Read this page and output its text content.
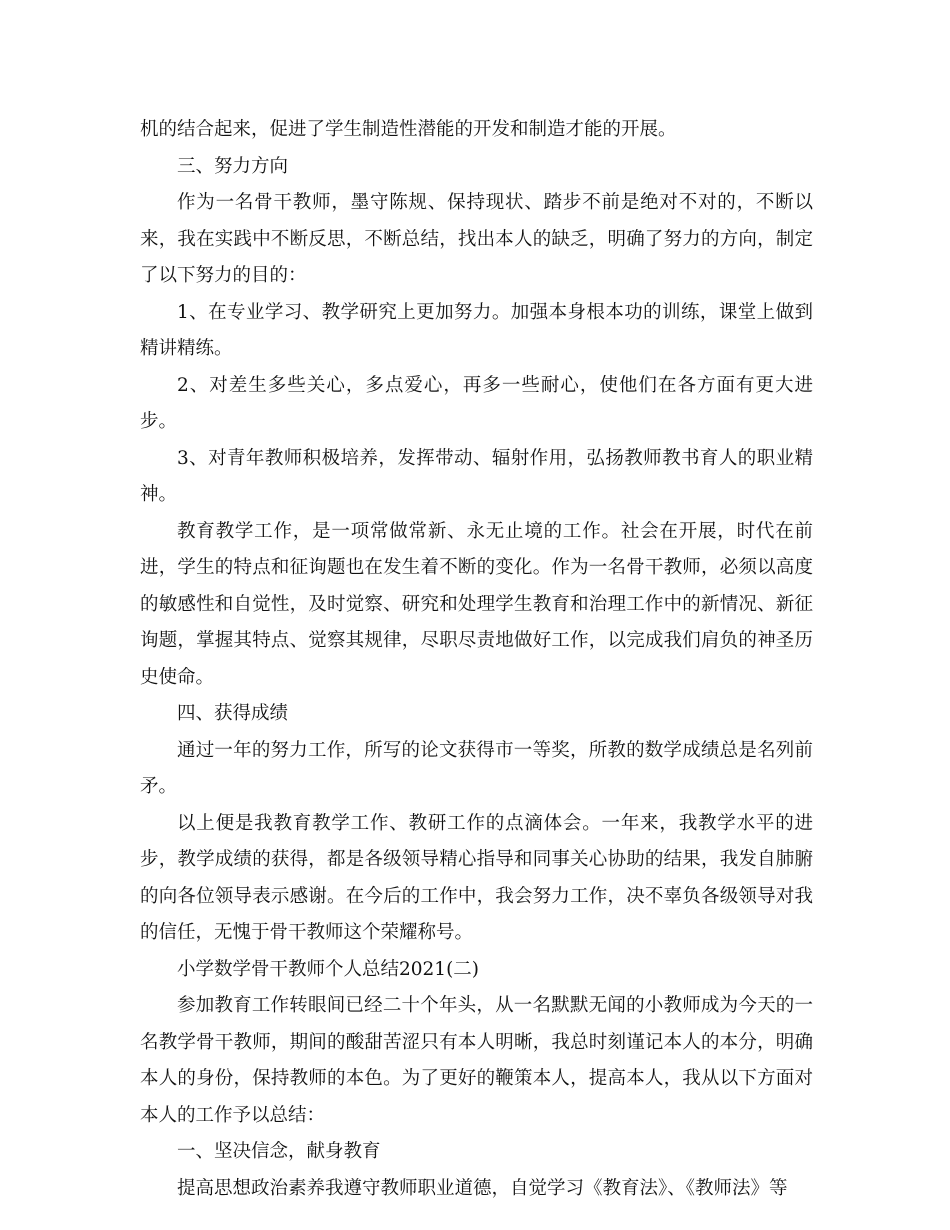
机的结合起来，促进了学生制造性潜能的开发和制造才能的开展。

三、努力方向

作为一名骨干教师，墨守陈规、保持现状、踏步不前是绝对不对的，不断以来，我在实践中不断反思，不断总结，找出本人的缺乏，明确了努力的方向，制定了以下努力的目的：

1、在专业学习、教学研究上更加努力。加强本身根本功的训练，课堂上做到精讲精练。

2、对差生多些关心，多点爱心，再多一些耐心，使他们在各方面有更大进步。

3、对青年教师积极培养，发挥带动、辐射作用，弘扬教师教书育人的职业精神。

教育教学工作，是一项常做常新、永无止境的工作。社会在开展，时代在前进，学生的特点和征询题也在发生着不断的变化。作为一名骨干教师，必须以高度的敏感性和自觉性，及时觉察、研究和处理学生教育和治理工作中的新情况、新征询题，掌握其特点、觉察其规律，尽职尽责地做好工作，以完成我们肩负的神圣历史使命。

四、获得成绩

通过一年的努力工作，所写的论文获得市一等奖，所教的数学成绩总是名列前矛。

以上便是我教育教学工作、教研工作的点滴体会。一年来，我教学水平的进步，教学成绩的获得，都是各级领导精心指导和同事关心协助的结果，我发自肺腑的向各位领导表示感谢。在今后的工作中，我会努力工作，决不辜负各级领导对我的信任，无愧于骨干教师这个荣耀称号。

小学数学骨干教师个人总结2021(二)

参加教育工作转眼间已经二十个年头，从一名默默无闻的小教师成为今天的一名教学骨干教师，期间的酸甜苦涩只有本人明晰，我总时刻谨记本人的本分，明确本人的身份，保持教师的本色。为了更好的鞭策本人，提高本人，我从以下方面对本人的工作予以总结：

一、坚决信念，献身教育

提高思想政治素养我遵守教师职业道德，自觉学习《教育法》、《教师法》等
